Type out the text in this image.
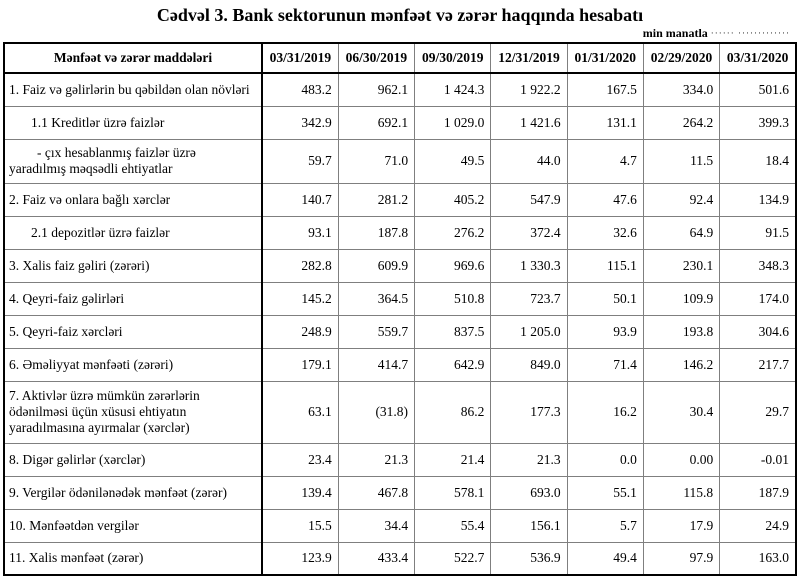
Cədvəl 3. Bank sektorunun mənfəət və zərər haqqında hesabatı
min manatla ······ ·············
Mənfəət və zərər maddələri	03/31/2019	06/30/2019	09/30/2019	12/31/2019	01/31/2020	02/29/2020	03/31/2020
1. Faiz və gəlirlərin bu qəbildən olan növləri	483.2	962.1	1 424.3	1 922.2	167.5	334.0	501.6
1.1 Kreditlər üzrə faizlər	342.9	692.1	1 029.0	1 421.6	131.1	264.2	399.3
- çıx hesablanmış faizlər üzrə yaradılmış məqsədli ehtiyatlar	59.7	71.0	49.5	44.0	4.7	11.5	18.4
2. Faiz və onlara bağlı xərclər	140.7	281.2	405.2	547.9	47.6	92.4	134.9
2.1 depozitlər üzrə faizlər	93.1	187.8	276.2	372.4	32.6	64.9	91.5
3. Xalis faiz gəliri (zərəri)	282.8	609.9	969.6	1 330.3	115.1	230.1	348.3
4. Qeyri-faiz gəlirləri	145.2	364.5	510.8	723.7	50.1	109.9	174.0
5. Qeyri-faiz xərcləri	248.9	559.7	837.5	1 205.0	93.9	193.8	304.6
6. Əməliyyat mənfəəti (zərəri)	179.1	414.7	642.9	849.0	71.4	146.2	217.7
7. Aktivlər üzrə mümkün zərərlərin ödənilməsi üçün xüsusi ehtiyatın yaradılmasına ayırmalar (xərclər)	63.1	(31.8)	86.2	177.3	16.2	30.4	29.7
8. Digər gəlirlər (xərclər)	23.4	21.3	21.4	21.3	0.0	0.00	-0.01
9. Vergilər ödənilənədək mənfəət (zərər)	139.4	467.8	578.1	693.0	55.1	115.8	187.9
10. Mənfəətdən vergilər	15.5	34.4	55.4	156.1	5.7	17.9	24.9
11. Xalis mənfəət (zərər)	123.9	433.4	522.7	536.9	49.4	97.9	163.0
